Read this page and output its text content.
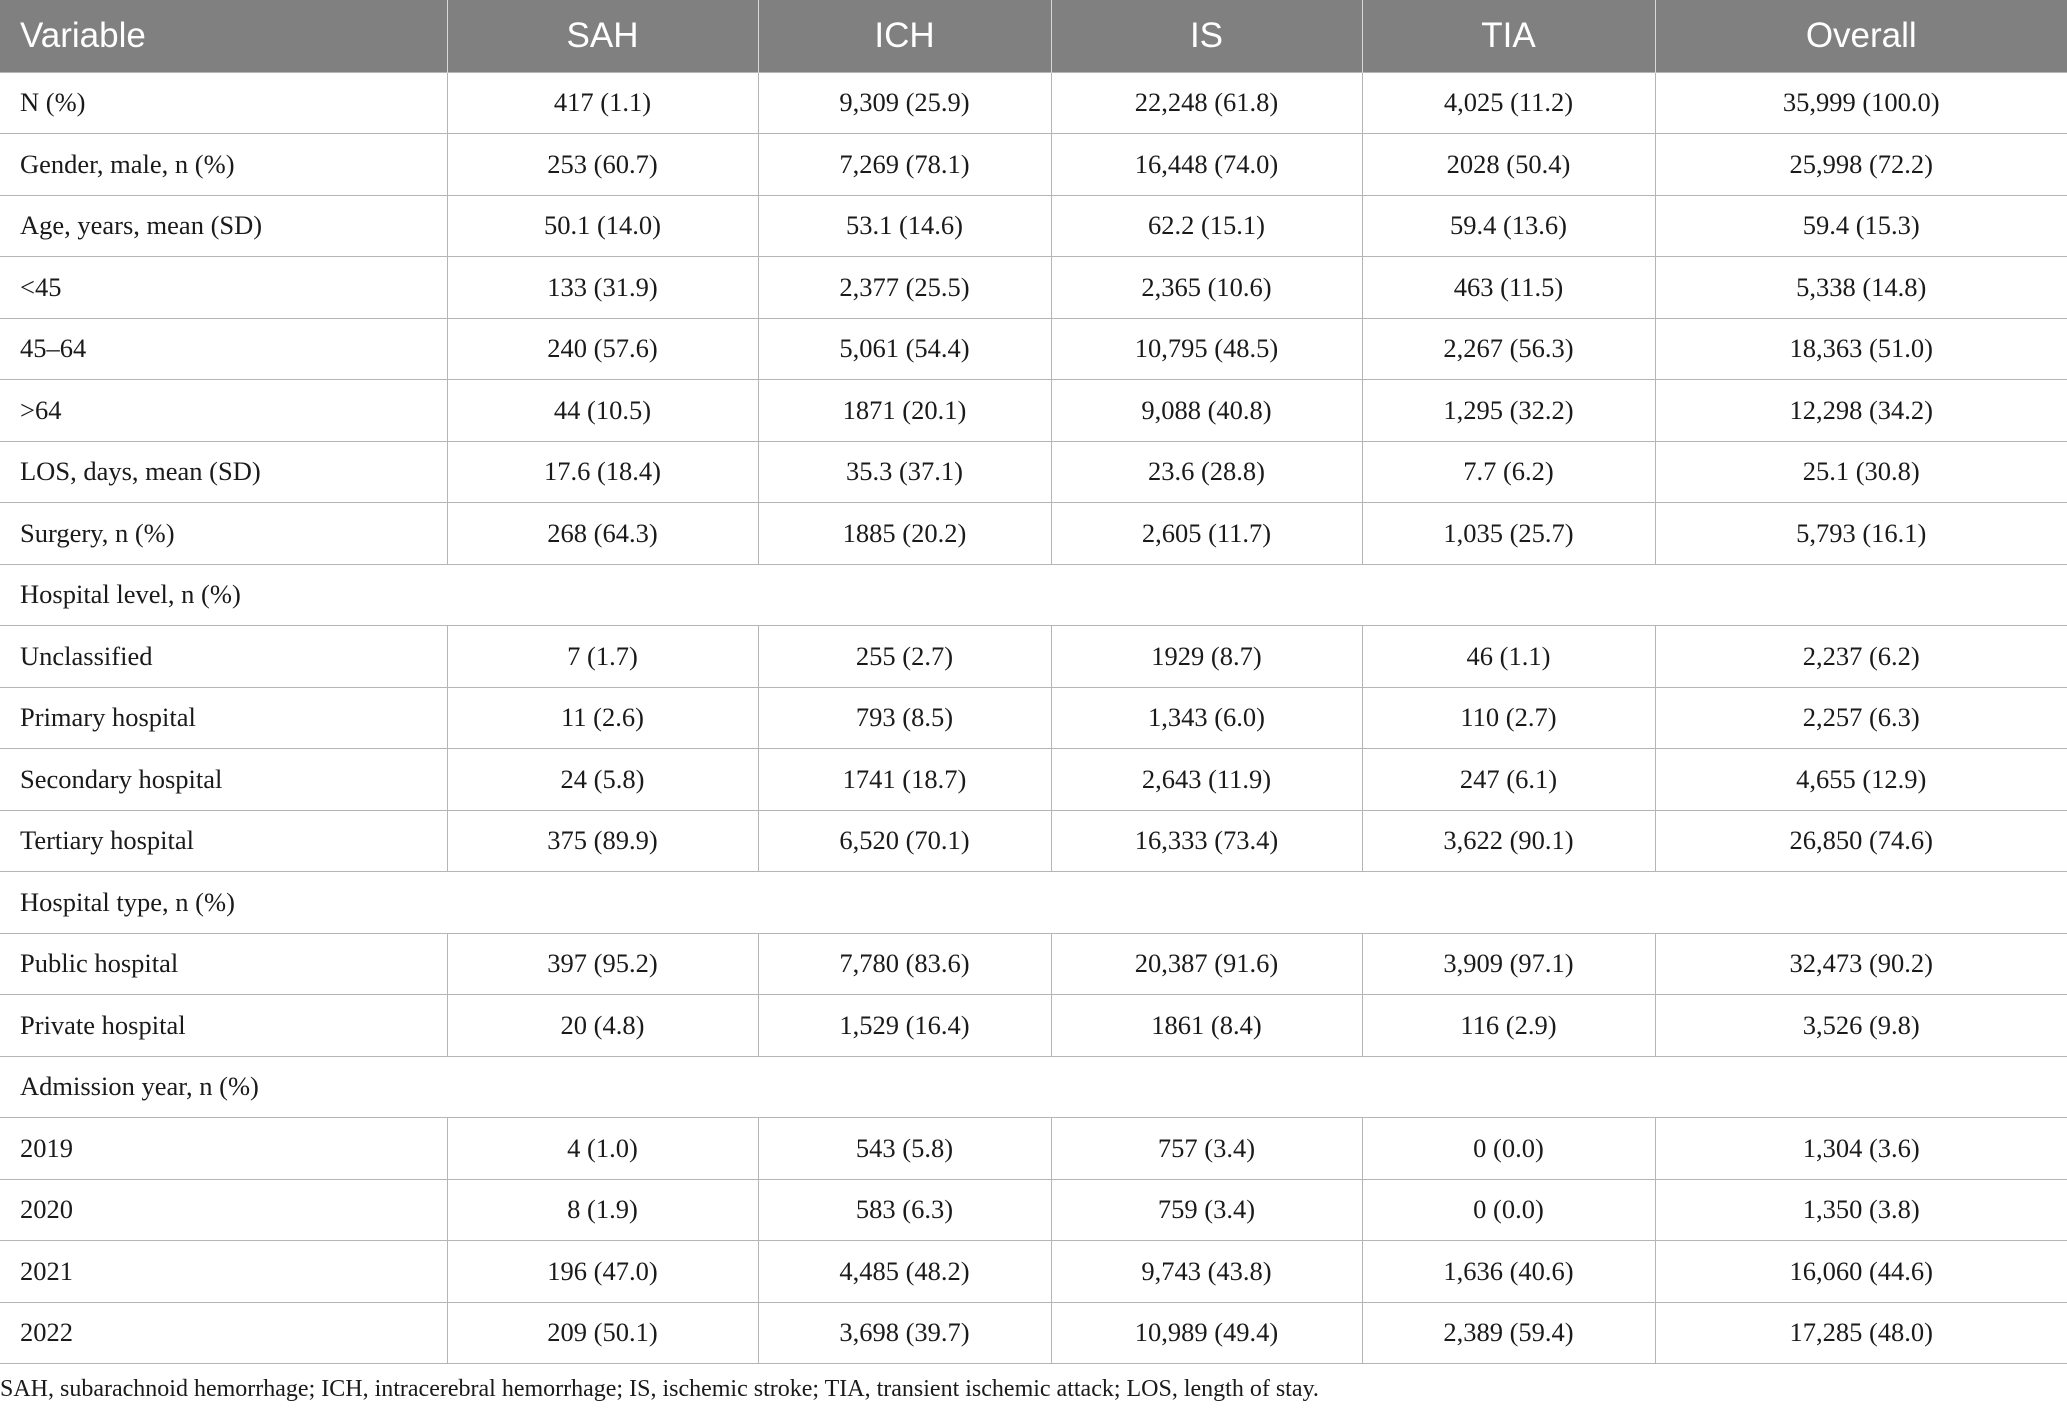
Variable	SAH	ICH	IS	TIA	Overall
N (%)	417 (1.1)	9,309 (25.9)	22,248 (61.8)	4,025 (11.2)	35,999 (100.0)
Gender, male, n (%)	253 (60.7)	7,269 (78.1)	16,448 (74.0)	2028 (50.4)	25,998 (72.2)
Age, years, mean (SD)	50.1 (14.0)	53.1 (14.6)	62.2 (15.1)	59.4 (13.6)	59.4 (15.3)
<45	133 (31.9)	2,377 (25.5)	2,365 (10.6)	463 (11.5)	5,338 (14.8)
45–64	240 (57.6)	5,061 (54.4)	10,795 (48.5)	2,267 (56.3)	18,363 (51.0)
>64	44 (10.5)	1871 (20.1)	9,088 (40.8)	1,295 (32.2)	12,298 (34.2)
LOS, days, mean (SD)	17.6 (18.4)	35.3 (37.1)	23.6 (28.8)	7.7 (6.2)	25.1 (30.8)
Surgery, n (%)	268 (64.3)	1885 (20.2)	2,605 (11.7)	1,035 (25.7)	5,793 (16.1)
Hospital level, n (%)					
Unclassified	7 (1.7)	255 (2.7)	1929 (8.7)	46 (1.1)	2,237 (6.2)
Primary hospital	11 (2.6)	793 (8.5)	1,343 (6.0)	110 (2.7)	2,257 (6.3)
Secondary hospital	24 (5.8)	1741 (18.7)	2,643 (11.9)	247 (6.1)	4,655 (12.9)
Tertiary hospital	375 (89.9)	6,520 (70.1)	16,333 (73.4)	3,622 (90.1)	26,850 (74.6)
Hospital type, n (%)					
Public hospital	397 (95.2)	7,780 (83.6)	20,387 (91.6)	3,909 (97.1)	32,473 (90.2)
Private hospital	20 (4.8)	1,529 (16.4)	1861 (8.4)	116 (2.9)	3,526 (9.8)
Admission year, n (%)					
2019	4 (1.0)	543 (5.8)	757 (3.4)	0 (0.0)	1,304 (3.6)
2020	8 (1.9)	583 (6.3)	759 (3.4)	0 (0.0)	1,350 (3.8)
2021	196 (47.0)	4,485 (48.2)	9,743 (43.8)	1,636 (40.6)	16,060 (44.6)
2022	209 (50.1)	3,698 (39.7)	10,989 (49.4)	2,389 (59.4)	17,285 (48.0)
SAH, subarachnoid hemorrhage; ICH, intracerebral hemorrhage; IS, ischemic stroke; TIA, transient ischemic attack; LOS, length of stay.
